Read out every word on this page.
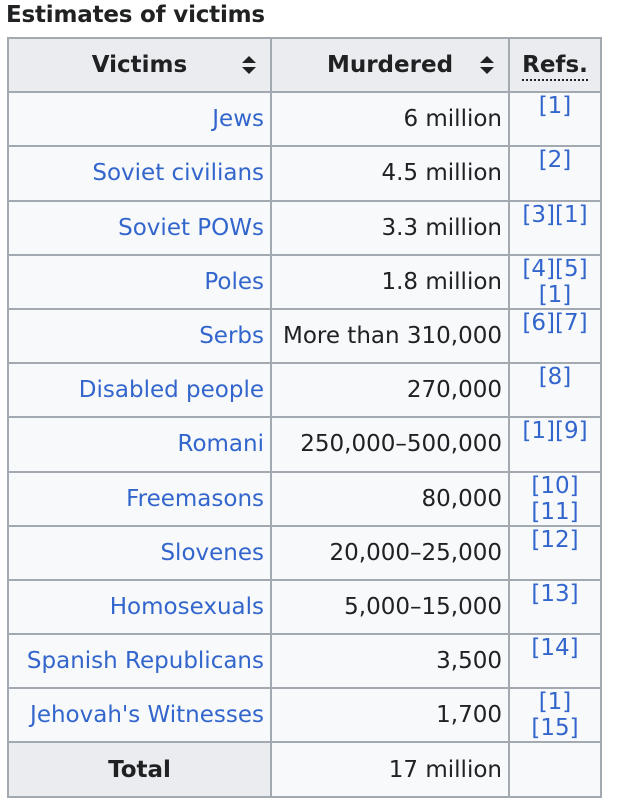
Estimates of victims
Victims	Murdered	Refs.
Jews	6 million	[1]
Soviet civilians	4.5 million	[2]
Soviet POWs	3.3 million	[3][1]
Poles	1.8 million	[4][5][1]
Serbs	More than 310,000	[6][7]
Disabled people	270,000	[8]
Romani	250,000–500,000	[1][9]
Freemasons	80,000	[10][11]
Slovenes	20,000–25,000	[12]
Homosexuals	5,000–15,000	[13]
Spanish Republicans	3,500	[14]
Jehovah's Witnesses	1,700	[1][15]
Total	17 million	
